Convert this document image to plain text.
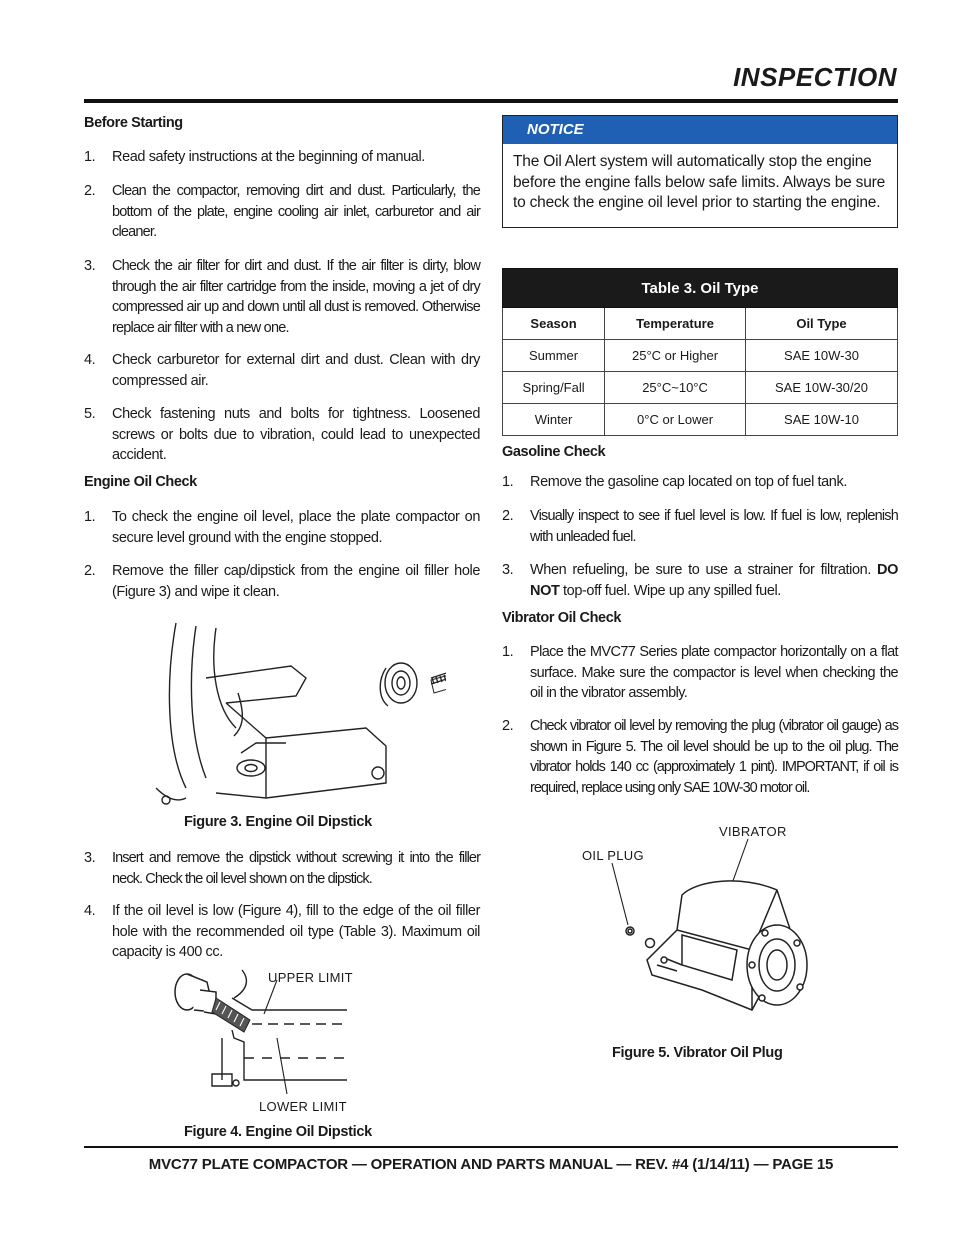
INSPECTION
Before Starting
1.	Read safety instructions at the beginning of manual.
2.	Clean the compactor, removing dirt and dust. Particularly, the bottom of the plate, engine cooling air inlet, carburetor and air cleaner.
3.	Check the air filter for dirt and dust. If the air filter is dirty, blow through the air filter cartridge from the inside, moving a jet of dry compressed air up and down until all dust is removed. Otherwise replace air filter with a new one.
4.	Check carburetor for external dirt and dust. Clean with dry compressed air.
5.	Check fastening nuts and bolts for tightness. Loosened screws or bolts due to vibration, could lead to unexpected accident.
Engine Oil Check
1.	To check the engine oil level, place the plate compactor on secure level ground with the engine stopped.
2.	Remove the filler cap/dipstick from the engine oil filler hole (Figure 3) and wipe it clean.
Figure 3. Engine Oil Dipstick
3.	Insert and remove the dipstick without screwing it into the filler neck. Check the oil level shown on the dipstick.
4.	If the oil level is low (Figure 4), fill to the edge of the oil filler hole with the recommended oil type (Table 3). Maximum oil capacity is 400 cc.
UPPER LIMIT
LOWER LIMIT
Figure 4. Engine Oil Dipstick
NOTICE
The Oil Alert system will automatically stop the engine before the engine falls below safe limits. Always be sure to check the engine oil level prior to starting the engine.
Table 3. Oil Type		
Season	Temperature	Oil Type
Summer	25°C or Higher	SAE 10W-30
Spring/Fall	25°C~10°C	SAE 10W-30/20
Winter	0°C or Lower	SAE 10W-10
Gasoline Check
1.	Remove the gasoline cap located on top of fuel tank.
2.	Visually inspect to see if fuel level is low. If fuel is low, replenish with unleaded fuel.
3.	When refueling, be sure to use a strainer for filtration. DO NOT top-off fuel. Wipe up any spilled fuel.
Vibrator Oil Check
1.	Place the MVC77 Series plate compactor horizontally on a flat surface. Make sure the compactor is level when checking the oil in the vibrator assembly.
2.	Check vibrator oil level by removing the plug (vibrator oil gauge) as shown in Figure 5. The oil level should be up to the oil plug. The vibrator holds 140 cc (approximately 1 pint). IMPORTANT, if oil is required, replace using only SAE 10W-30 motor oil.
VIBRATOR
OIL PLUG
Figure 5. Vibrator Oil Plug
MVC77 PLATE COMPACTOR — OPERATION AND PARTS MANUAL — REV. #4 (1/14/11) — PAGE 15
